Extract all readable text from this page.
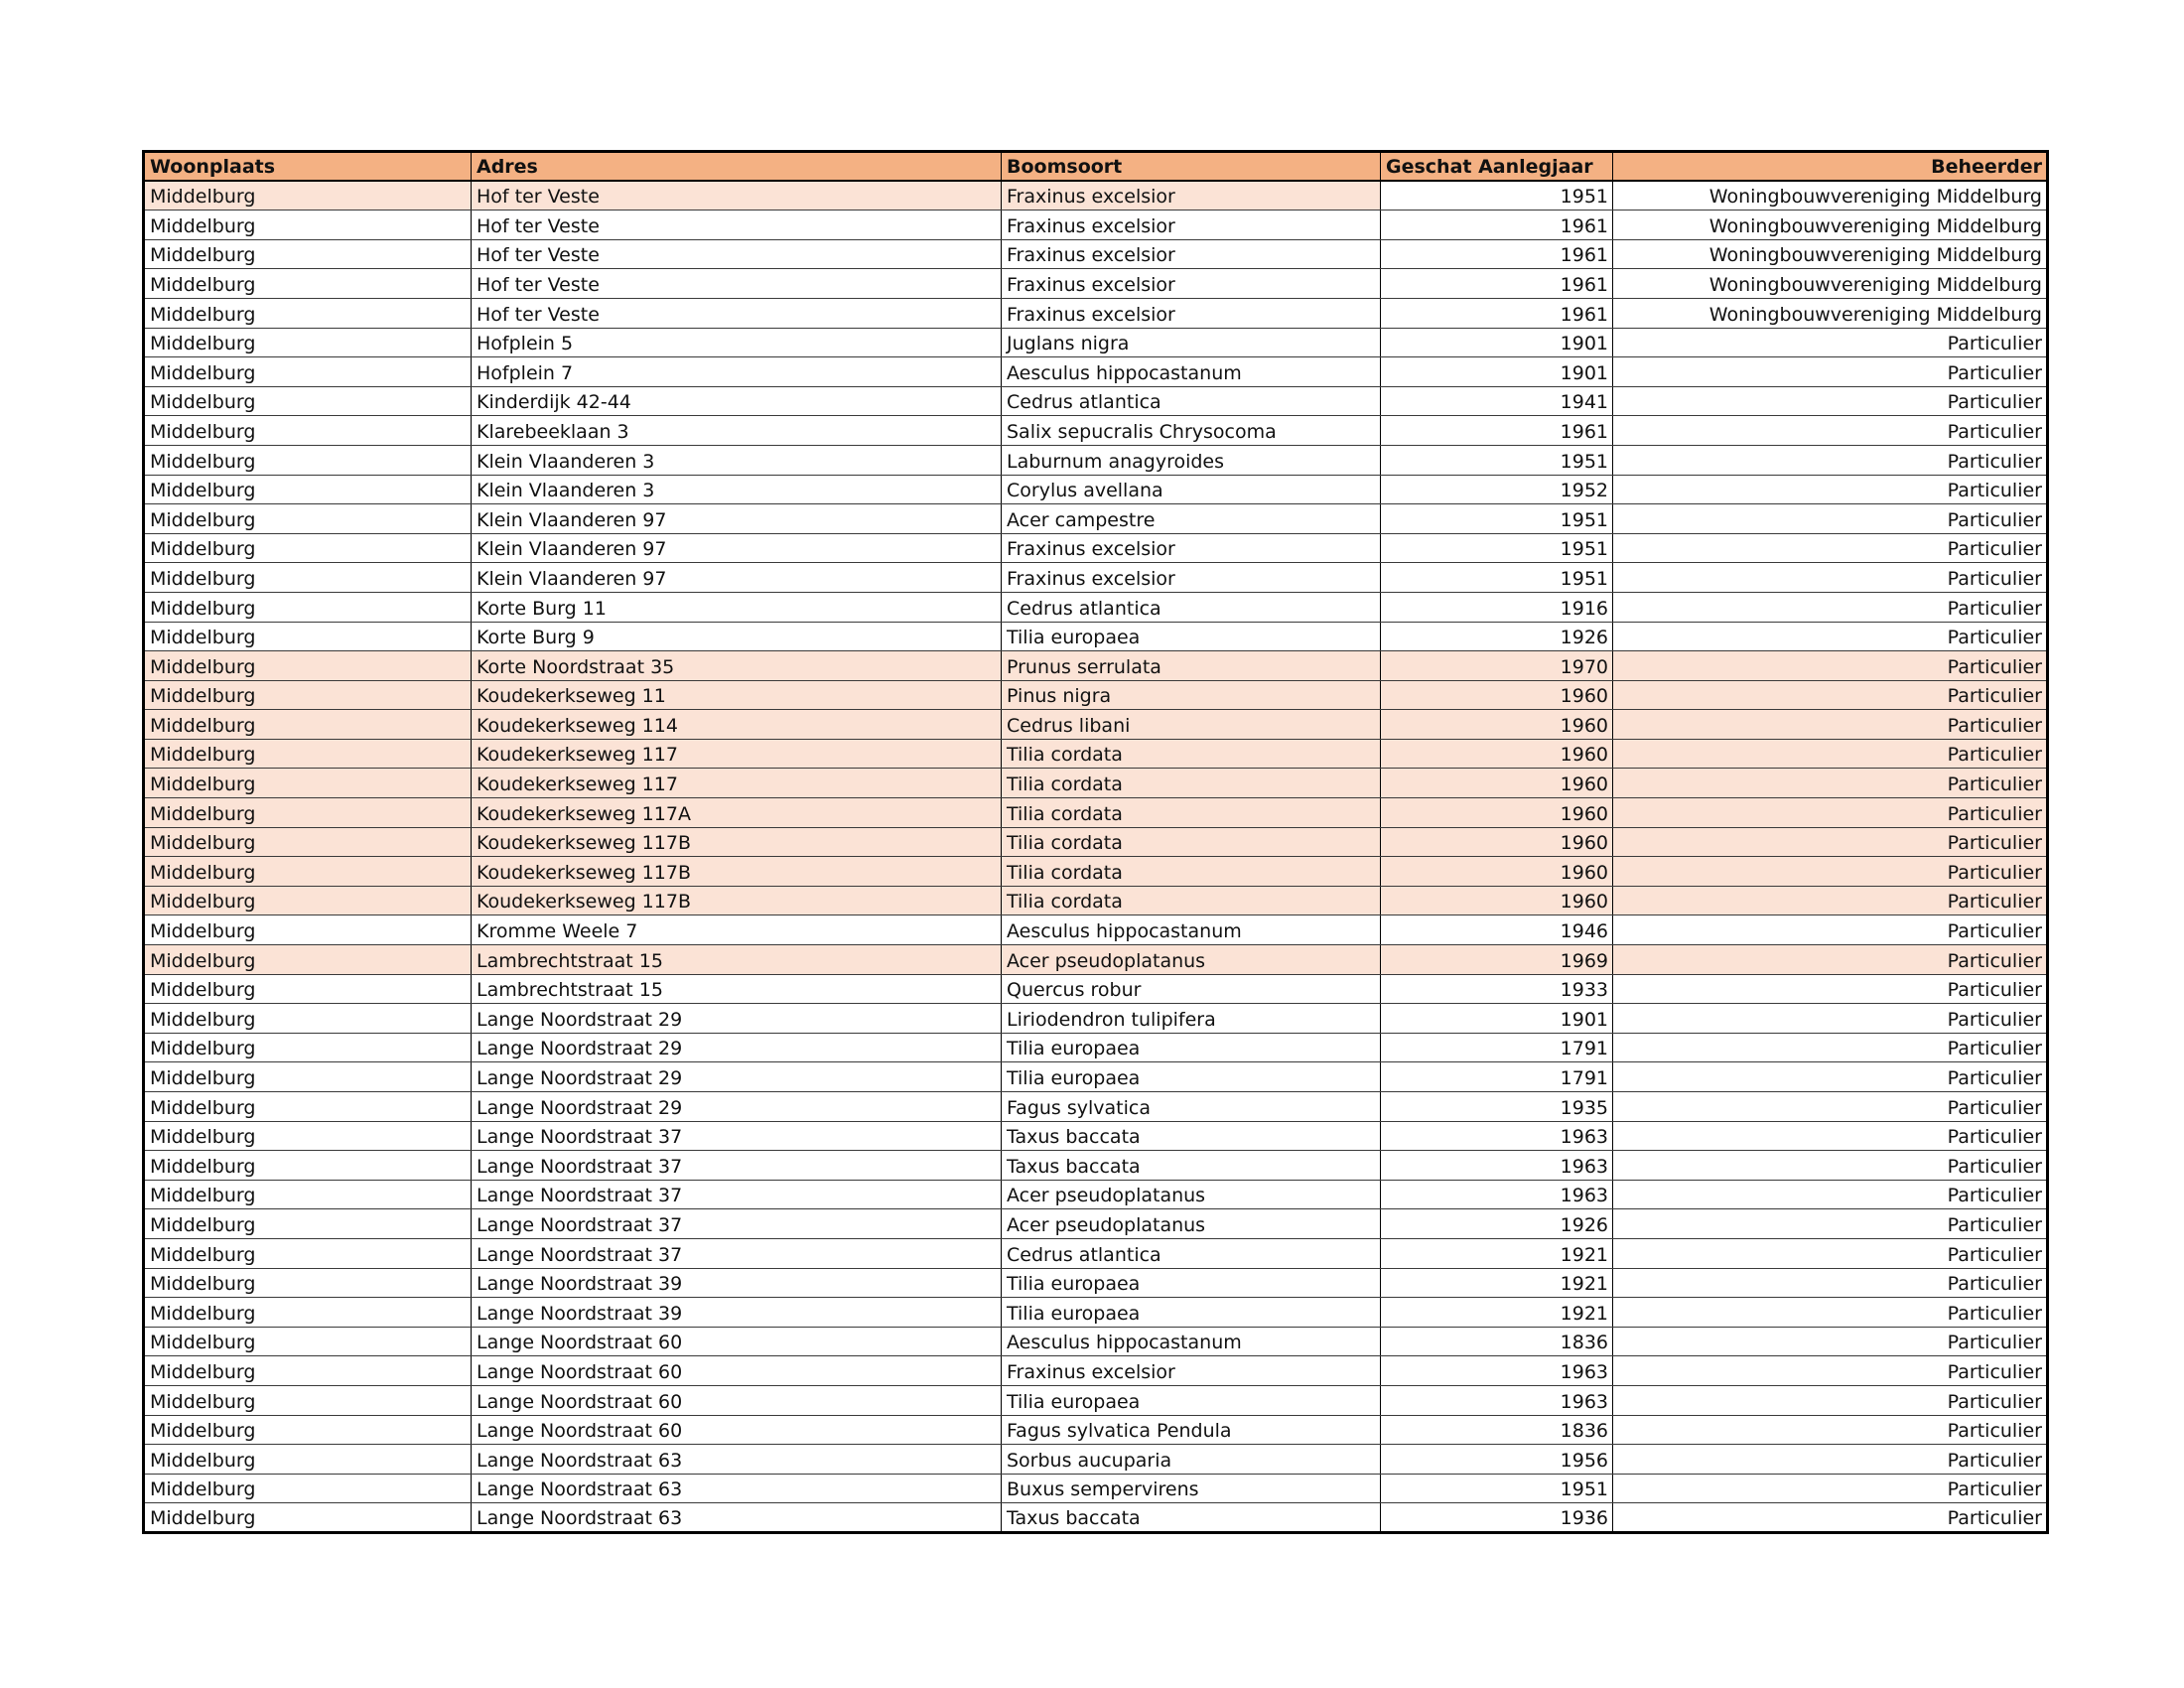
Woonplaats	Adres	Boomsoort	Geschat Aanlegjaar	Beheerder
Middelburg	Hof ter Veste	Fraxinus excelsior	1951	Woningbouwvereniging Middelburg
Middelburg	Hof ter Veste	Fraxinus excelsior	1961	Woningbouwvereniging Middelburg
Middelburg	Hof ter Veste	Fraxinus excelsior	1961	Woningbouwvereniging Middelburg
Middelburg	Hof ter Veste	Fraxinus excelsior	1961	Woningbouwvereniging Middelburg
Middelburg	Hof ter Veste	Fraxinus excelsior	1961	Woningbouwvereniging Middelburg
Middelburg	Hofplein 5	Juglans nigra	1901	Particulier
Middelburg	Hofplein 7	Aesculus hippocastanum	1901	Particulier
Middelburg	Kinderdijk 42-44	Cedrus atlantica	1941	Particulier
Middelburg	Klarebeeklaan 3	Salix sepucralis Chrysocoma	1961	Particulier
Middelburg	Klein Vlaanderen 3	Laburnum anagyroides	1951	Particulier
Middelburg	Klein Vlaanderen 3	Corylus avellana	1952	Particulier
Middelburg	Klein Vlaanderen 97	Acer campestre	1951	Particulier
Middelburg	Klein Vlaanderen 97	Fraxinus excelsior	1951	Particulier
Middelburg	Klein Vlaanderen 97	Fraxinus excelsior	1951	Particulier
Middelburg	Korte Burg 11	Cedrus atlantica	1916	Particulier
Middelburg	Korte Burg 9	Tilia europaea	1926	Particulier
Middelburg	Korte Noordstraat 35	Prunus serrulata	1970	Particulier
Middelburg	Koudekerkseweg 11	Pinus nigra	1960	Particulier
Middelburg	Koudekerkseweg 114	Cedrus libani	1960	Particulier
Middelburg	Koudekerkseweg 117	Tilia cordata	1960	Particulier
Middelburg	Koudekerkseweg 117	Tilia cordata	1960	Particulier
Middelburg	Koudekerkseweg 117A	Tilia cordata	1960	Particulier
Middelburg	Koudekerkseweg 117B	Tilia cordata	1960	Particulier
Middelburg	Koudekerkseweg 117B	Tilia cordata	1960	Particulier
Middelburg	Koudekerkseweg 117B	Tilia cordata	1960	Particulier
Middelburg	Kromme Weele 7	Aesculus hippocastanum	1946	Particulier
Middelburg	Lambrechtstraat 15	Acer pseudoplatanus	1969	Particulier
Middelburg	Lambrechtstraat 15	Quercus robur	1933	Particulier
Middelburg	Lange Noordstraat 29	Liriodendron tulipifera	1901	Particulier
Middelburg	Lange Noordstraat 29	Tilia europaea	1791	Particulier
Middelburg	Lange Noordstraat 29	Tilia europaea	1791	Particulier
Middelburg	Lange Noordstraat 29	Fagus sylvatica	1935	Particulier
Middelburg	Lange Noordstraat 37	Taxus baccata	1963	Particulier
Middelburg	Lange Noordstraat 37	Taxus baccata	1963	Particulier
Middelburg	Lange Noordstraat 37	Acer pseudoplatanus	1963	Particulier
Middelburg	Lange Noordstraat 37	Acer pseudoplatanus	1926	Particulier
Middelburg	Lange Noordstraat 37	Cedrus atlantica	1921	Particulier
Middelburg	Lange Noordstraat 39	Tilia europaea	1921	Particulier
Middelburg	Lange Noordstraat 39	Tilia europaea	1921	Particulier
Middelburg	Lange Noordstraat 60	Aesculus hippocastanum	1836	Particulier
Middelburg	Lange Noordstraat 60	Fraxinus excelsior	1963	Particulier
Middelburg	Lange Noordstraat 60	Tilia europaea	1963	Particulier
Middelburg	Lange Noordstraat 60	Fagus sylvatica Pendula	1836	Particulier
Middelburg	Lange Noordstraat 63	Sorbus aucuparia	1956	Particulier
Middelburg	Lange Noordstraat 63	Buxus sempervirens	1951	Particulier
Middelburg	Lange Noordstraat 63	Taxus baccata	1936	Particulier
